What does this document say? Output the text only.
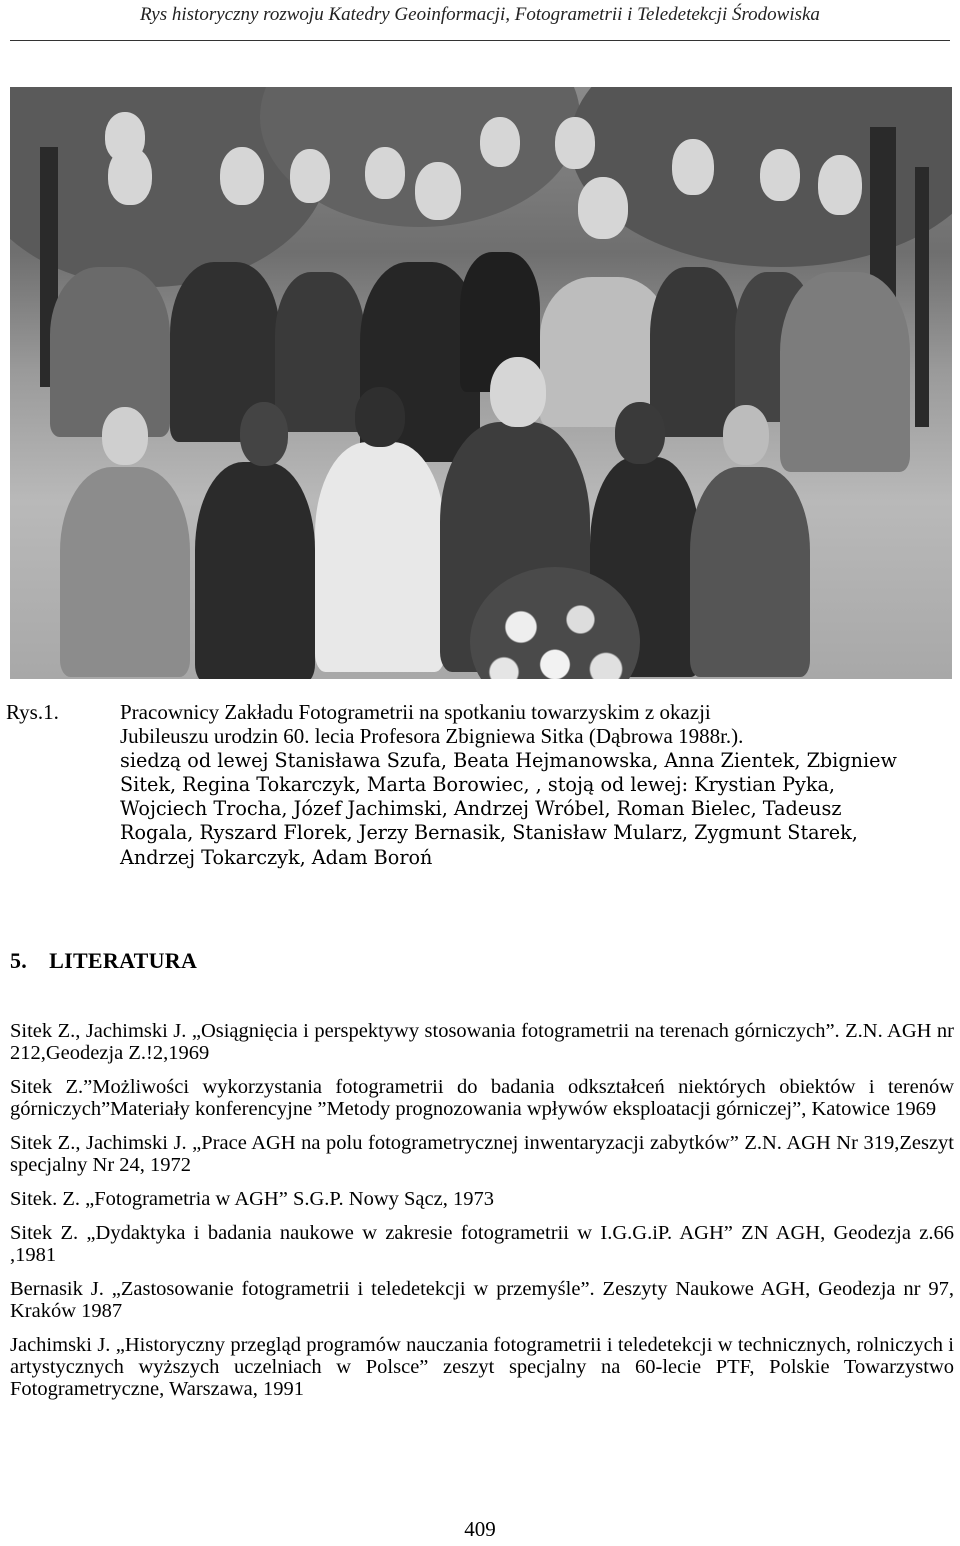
Rys historyczny rozwoju Katedry Geoinformacji, Fotogrametrii i Teledetekcji Środowiska
Rys.1.	Pracownicy Zakładu Fotogrametrii na spotkaniu towarzyskim z okazji
Jubileuszu urodzin 60. lecia Profesora Zbigniewa Sitka (Dąbrowa 1988r.).
siedzą od lewej Stanisława Szufa, Beata Hejmanowska, Anna Zientek, Zbigniew
Sitek, Regina Tokarczyk, Marta Borowiec, , stoją od lewej: Krystian Pyka,
Wojciech Trocha, Józef Jachimski, Andrzej Wróbel, Roman Bielec, Tadeusz
Rogala, Ryszard Florek, Jerzy Bernasik, Stanisław Mularz, Zygmunt Starek,
Andrzej Tokarczyk, Adam Boroń
5. LITERATURA
Sitek Z., Jachimski J. „Osiągnięcia i perspektywy stosowania fotogrametrii na terenach górniczych”. Z.N. AGH nr 212,Geodezja Z.!2,1969
Sitek Z.”Możliwości wykorzystania fotogrametrii do badania odkształceń niektórych obiektów i terenów górniczych”Materiały konferencyjne ”Metody prognozowania wpływów eksploatacji górniczej”, Katowice 1969
Sitek Z., Jachimski J. „Prace AGH na polu fotogrametrycznej inwentaryzacji zabytków” Z.N. AGH Nr 319,Zeszyt specjalny Nr 24, 1972
Sitek. Z. „Fotogrametria w AGH” S.G.P. Nowy Sącz, 1973
Sitek Z. „Dydaktyka i badania naukowe w zakresie fotogrametrii w I.G.G.iP. AGH” ZN AGH, Geodezja z.66 ,1981
Bernasik J. „Zastosowanie fotogrametrii i teledetekcji w przemyśle”. Zeszyty Naukowe AGH, Geodezja nr 97, Kraków 1987
Jachimski J. „Historyczny przegląd programów nauczania fotogrametrii i teledetekcji w technicznych, rolniczych i artystycznych wyższych uczelniach w Polsce” zeszyt specjalny na 60-lecie PTF, Polskie Towarzystwo Fotogrametryczne, Warszawa, 1991
409
